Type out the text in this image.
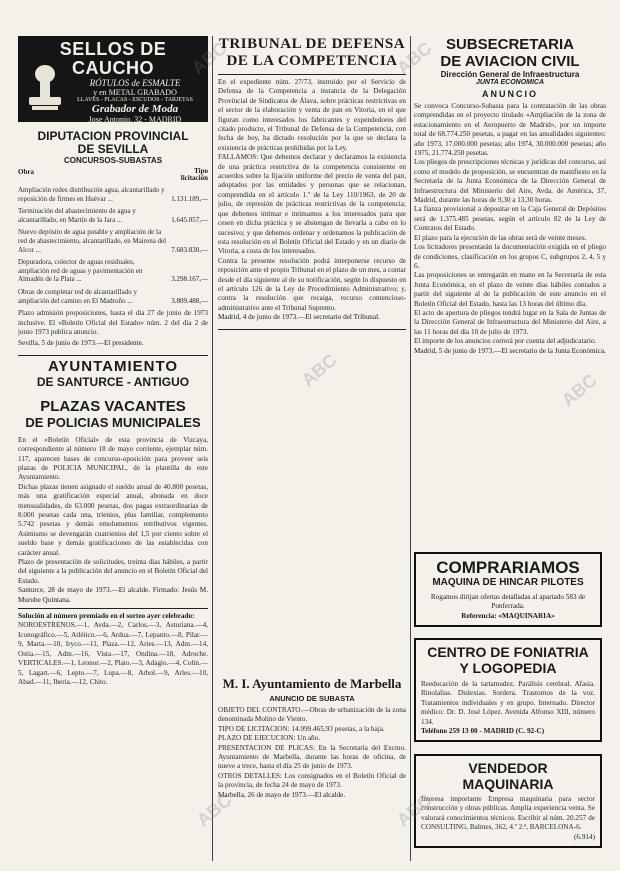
SELLOS DE CAUCHO
RÓTULOS de ESMALTE
y en METAL GRABADO
LLAVES - PLACAS - ESCUDOS - TARJETAS
Grabador de Moda
Jose Antonio, 32 - MADRID

DIPUTACION PROVINCIAL

DE SEVILLA

CONCURSOS-SUBASTAS

Obra	Tipo
licitación
Ampliación redes distribución agua, alcantarillado y reposición de firmes en Huévar ...	1.131.189,—
Terminación del abastecimiento de agua y alcantarillado, en Martín de la Jara ...	1.645.057,—
Nuevo depósito de agua potable y ampliación de la red de abastecimiento, alcantarillado, en Mairena del Alcor ...	7.683.830,—
Depuradora, colector de aguas residuales, ampliación red de aguas y pavimentación en Almadén de la Plata ...	3.298.167,—
Obras de completar red de alcantarillado y ampliación del camino en El Madroño ...	3.809.488,—

Plazo admisión proposiciones, hasta el día 27 de junio de 1973 inclusive. El «Boletín Oficial del Estado» núm. 2 del día 2 de junio 1973 publica anuncio.

Sevilla, 5 de junio de 1973.—El presidente.

AYUNTAMIENTO

DE SANTURCE - ANTIGUO

PLAZAS VACANTES

DE POLICIAS MUNICIPALES

En el «Boletín Oficial» de esta provincia de Vizcaya, correspondiente al número 18 de mayo corriente, ejemplar núm. 117, aparecen bases de concurso-oposición para proveer seis plazas de POLICIA MUNICIPAL, de la plantilla de este Ayuntamiento.

Dichas plazas tienen asignado el sueldo anual de 40.800 pesetas, más una gratificación especial anual, abonada en doce mensualidades, de 63.000 pesetas, dos pagas extraordinarias de 8.000 pesetas cada una, trienios, plus familiar, complemento 5.742 pesetas y demás emolumentos retributivos vigentes. Asimismo se devengarán cuatrienios del 1,5 por ciento sobre el sueldo base y demás gratificaciones de las establecidas con carácter anual.

Plazo de presentación de solicitudes, treinta días hábiles, a partir del siguiente a la publicación del anuncio en el Boletín Oficial del Estado.

Santurce, 28 de mayo de 1973.—El alcalde. Firmado: Jesús M. Murube Quintana.

Solución al número premiado en el sorteo ayer celebrado:

NOROESTRENOS.—1, Avda.—2, Carlos.—3, Asturiana.—4, Iconográfico.—5, Atlético.—6, Ardua.—7, Lepanto.—8, Pilar.—9, Marta.—10, Iryco.—11, Plaza.—12, Aries.—13, Adm.—14, Ostia.—15, Adm.—16, Vista.—17, Ondina.—18, Adroche. VERTICALES.—1, Leonor.—2, Plato.—3, Adagio.—4, Colin.—5, Lagart.—6, Lepto.—7, Lupa.—8, Arbol.—9, Arles.—10, Abad.—11, Iberia.—12, Chito.

TRIBUNAL DE DEFENSA

DE LA COMPETENCIA

En el expediente núm. 27/73, instruido por el Servicio de Defensa de la Competencia a instancia de la Delegación Provincial de Sindicatos de Álava, sobre prácticas restrictivas en el sector de la elaboración y venta de pan en Vitoria, en el que figuran como interesados los fabricantes y expendedores del citado producto, el Tribunal de Defensa de la Competencia, con fecha de hoy, ha dictado resolución por la que se declara la existencia de prácticas prohibidas por la Ley.

FALLAMOS: Que debemos declarar y declaramos la existencia de una práctica restrictiva de la competencia consistente en acuerdos sobre la fijación uniforme del precio de venta del pan, adoptados por las entidades y personas que se relacionan, comprendida en el artículo 1.º de la Ley 110/1963, de 20 de julio, de represión de prácticas restrictivas de la competencia; que debemos intimar e intimamos a los interesados para que cesen en dicha práctica y se abstengan de llevarla a cabo en lo sucesivo; y que debemos ordenar y ordenamos la publicación de esta resolución en el Boletín Oficial del Estado y en un diario de Vitoria, a costa de los interesados.

Contra la presente resolución podrá interponerse recurso de reposición ante el propio Tribunal en el plazo de un mes, a contar desde el día siguiente al de su notificación, según lo dispuesto en el artículo 126 de la Ley de Procedimiento Administrativo; y, contra la resolución que recaiga, recurso contencioso-administrativo ante el Tribunal Supremo.

Madrid, 4 de junio de 1973.—El secretario del Tribunal.

M. I. Ayuntamiento de Marbella

ANUNCIO DE SUBASTA

OBJETO DEL CONTRATO.—Obras de urbanización de la zona denominada Molino de Viento.

TIPO DE LICITACION: 14.999.465,93 pesetas, a la baja.

PLAZO DE EJECUCION: Un año.

PRESENTACION DE PLICAS: En la Secretaría del Excmo. Ayuntamiento de Marbella, durante las horas de oficina, de nueve a trece, hasta el día 25 de junio de 1973.

OTROS DETALLES: Los consignados en el Boletín Oficial de la provincia, de fecha 24 de mayo de 1973.

Marbella, 26 de mayo de 1973.—El alcalde.

SUBSECRETARIA

DE AVIACION CIVIL

Dirección General de Infraestructura

JUNTA ECONOMICA

ANUNCIO

Se convoca Concurso-Subasta para la contratación de las obras comprendidas en el proyecto titulado «Ampliación de la zona de estacionamiento en el Aeropuerto de Madrid», por un importe total de 68.774.250 pesetas, a pagar en las anualidades siguientes: año 1973, 17.000.000 pesetas; año 1974, 30.000.000 pesetas; año 1975, 21.774.250 pesetas.

Los pliegos de prescripciones técnicas y jurídicas del concurso, así como el modelo de proposición, se encuentran de manifiesto en la Secretaría de la Junta Económica de la Dirección General de Infraestructura del Ministerio del Aire, Avda. de América, 37, Madrid, durante las horas de 9,30 a 13,30 horas.

La fianza provisional a depositar en la Caja General de Depósitos será de 1.375.485 pesetas, según el artículo 82 de la Ley de Contratos del Estado.

El plazo para la ejecución de las obras será de veinte meses.

Los licitadores presentarán la documentación exigida en el pliego de condiciones, clasificación en los grupos C, subgrupos 2, 4, 5 y 6.

Las proposiciones se entregarán en mano en la Secretaría de esta Junta Económica, en el plazo de veinte días hábiles contados a partir del siguiente al de la publicación de este anuncio en el Boletín Oficial del Estado, hasta las 13 horas del último día.

El acto de apertura de pliegos tendrá lugar en la Sala de Juntas de la Dirección General de Infraestructura del Ministerio del Aire, a las 11 horas del día 10 de julio de 1973.

El importe de los anuncios correrá por cuenta del adjudicatario.

Madrid, 5 de junio de 1973.—El secretario de la Junta Económica.

COMPRARIAMOS

MAQUINA DE HINCAR PILOTES

Rogamos dirijan ofertas detalladas al apartado 583 de Ponferrada.

Referencia: «MAQUINARIA»

CENTRO DE FONIATRIA

Y LOGOPEDIA

Reeducación de la tartamudez. Parálisis cerebral. Afasia. Rinolalias. Dislexias. Sordera. Trastornos de la voz. Tratamientos individuales y en grupo. Internado. Director médico: Dr. D. José López. Avenida Alfonso XIII, número 134.

Teléfono 259 13 00 - MADRID (C. 92-C)

VENDEDOR MAQUINARIA

Interesa importante Empresa maquinaria para sector construcción y obras públicas. Amplia experiencia venta. Se valorará conocimientos técnicos. Escribir al núm. 20.257 de CONSULTING, Balmes, 362, 4.º 2.ª, BARCELONA-6.

(6.914)

ABC	ABC
ABC	ABC
ABC	ABC
